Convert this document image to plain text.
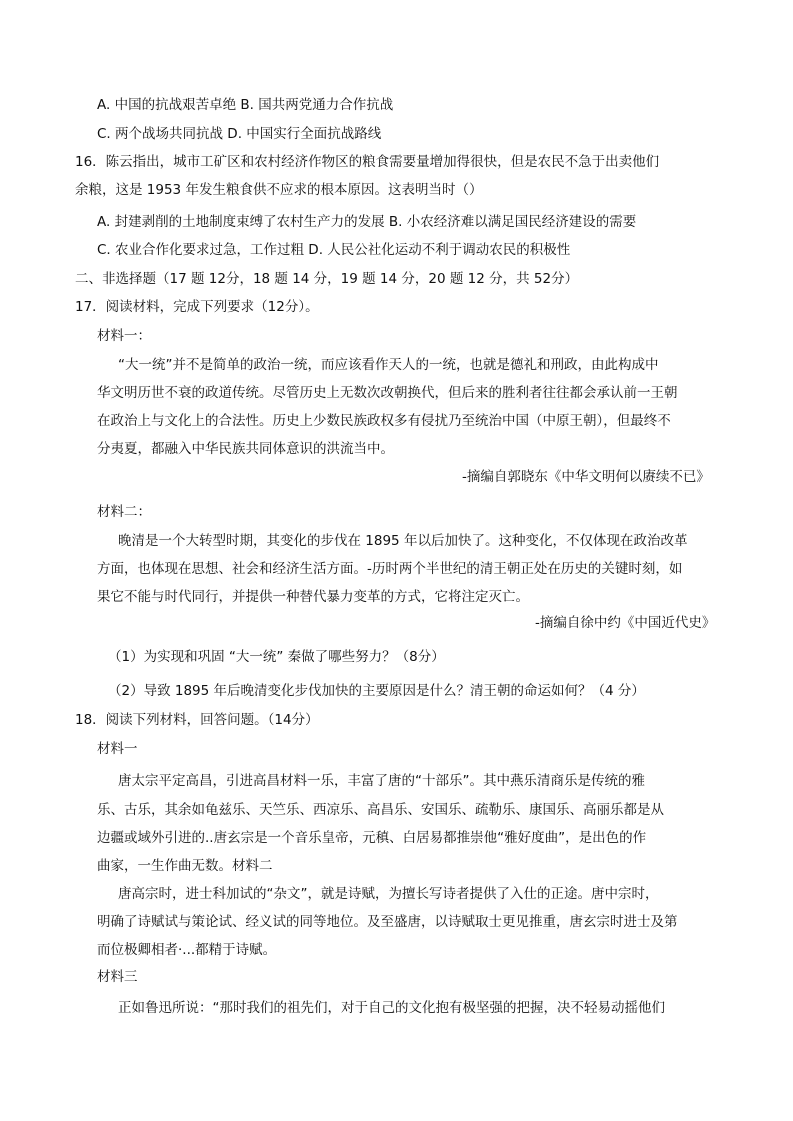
A. 中国的抗战艰苦卓绝 B. 国共两党通力合作抗战
C. 两个战场共同抗战 D. 中国实行全面抗战路线
16．陈云指出，城市工矿区和农村经济作物区的粮食需要量增加得很快，但是农民不急于出卖他们
余粮，这是 1953 年发生粮食供不应求的根本原因。这表明当时（）
A. 封建剥削的土地制度束缚了农村生产力的发展 B. 小农经济难以满足国民经济建设的需要
C. 农业合作化要求过急，工作过粗 D. 人民公社化运动不利于调动农民的积极性
二、非选择题（17 题 12分，18 题 14 分，19 题 14 分，20 题 12 分，共 52分）
17．阅读材料，完成下列要求（12分）。
材料一：
“大一统”并不是简单的政治一统，而应该看作天人的一统，也就是德礼和刑政，由此构成中
华文明历世不衰的政道传统。尽管历史上无数次改朝换代，但后来的胜利者往往都会承认前一王朝
在政治上与文化上的合法性。历史上少数民族政权多有侵扰乃至统治中国（中原王朝），但最终不
分夷夏，都融入中华民族共同体意识的洪流当中。
-摘编自郭晓东《中华文明何以赓续不已》
材料二：
晚清是一个大转型时期，其变化的步伐在 1895 年以后加快了。这种变化，不仅体现在政治改革
方面，也体现在思想、社会和经济生活方面。-历时两个半世纪的清王朝正处在历史的关键时刻，如
果它不能与时代同行，并提供一种替代暴力变革的方式，它将注定灭亡。
-摘编自徐中约《中国近代史》
（1）为实现和巩固 “大一统” 秦做了哪些努力？（8分）
（2）导致 1895 年后晚清变化步伐加快的主要原因是什么？清王朝的命运如何？（4 分）
18．阅读下列材料，回答问题。（14分）
材料一
唐太宗平定高昌，引进高昌材料一乐，丰富了唐的“十部乐”。其中燕乐清商乐是传统的雅
乐、古乐，其余如龟兹乐、天竺乐、西凉乐、高昌乐、安国乐、疏勒乐、康国乐、高丽乐都是从
边疆或域外引进的..唐玄宗是一个音乐皇帝，元稹、白居易都推崇他“雅好度曲”，是出色的作
曲家，一生作曲无数。材料二
唐高宗时，进士科加试的“杂文”，就是诗赋，为擅长写诗者提供了入仕的正途。唐中宗时，
明确了诗赋试与策论试、经义试的同等地位。及至盛唐，以诗赋取士更见推重，唐玄宗时进士及第
而位极卿相者·...都精于诗赋。
材料三
正如鲁迅所说：“那时我们的祖先们，对于自己的文化抱有极坚强的把握，决不轻易动摇他们
